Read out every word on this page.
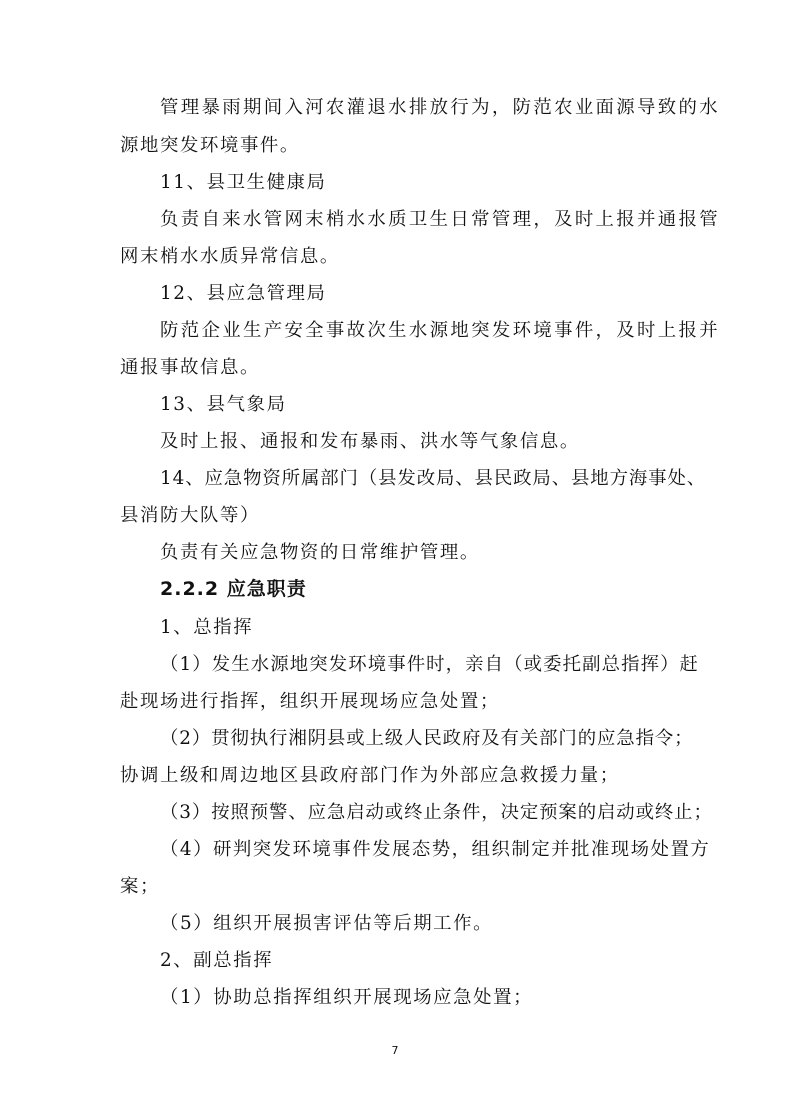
管理暴雨期间入河农灌退水排放行为，防范农业面源导致的水
源地突发环境事件。
11、县卫生健康局
负责自来水管网末梢水水质卫生日常管理，及时上报并通报管
网末梢水水质异常信息。
12、县应急管理局
防范企业生产安全事故次生水源地突发环境事件，及时上报并
通报事故信息。
13、县气象局
及时上报、通报和发布暴雨、洪水等气象信息。
14、应急物资所属部门（县发改局、县民政局、县地方海事处、
县消防大队等）
负责有关应急物资的日常维护管理。
2.2.2 应急职责
1、总指挥
（1）发生水源地突发环境事件时，亲自（或委托副总指挥）赶
赴现场进行指挥，组织开展现场应急处置；
（2）贯彻执行湘阴县或上级人民政府及有关部门的应急指令；
协调上级和周边地区县政府部门作为外部应急救援力量；
（3）按照预警、应急启动或终止条件，决定预案的启动或终止；
（4）研判突发环境事件发展态势，组织制定并批准现场处置方
案；
（5）组织开展损害评估等后期工作。
2、副总指挥
（1）协助总指挥组织开展现场应急处置；
7
